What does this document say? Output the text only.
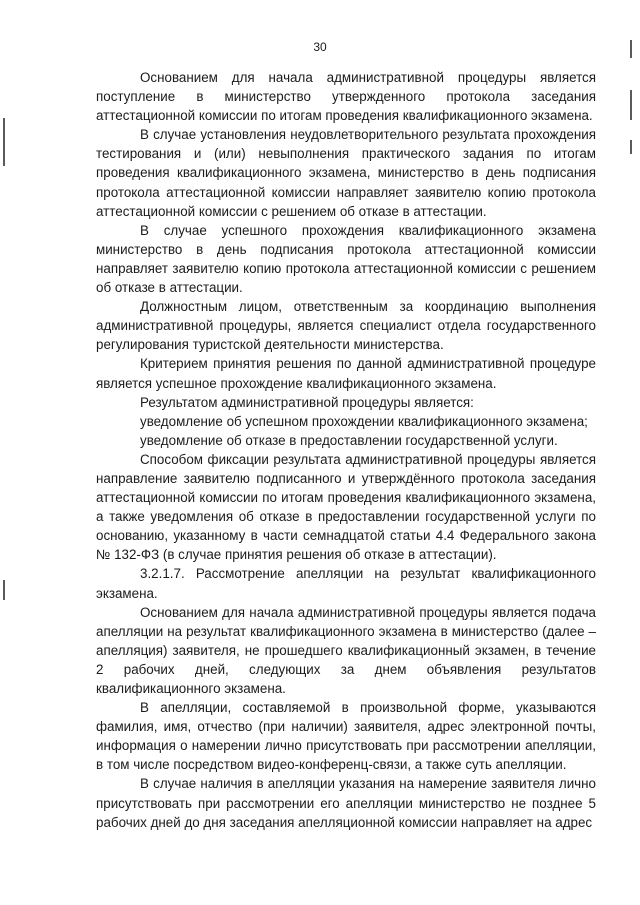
30

Основанием для начала административной процедуры является поступление в министерство утвержденного протокола заседания аттестационной комиссии по итогам проведения квалификационного экзамена.

В случае установления неудовлетворительного результата прохождения тестирования и (или) невыполнения практического задания по итогам проведения квалификационного экзамена, министерство в день подписания протокола аттестационной комиссии направляет заявителю копию протокола аттестационной комиссии с решением об отказе в аттестации.

В случае успешного прохождения квалификационного экзамена министерство в день подписания протокола аттестационной комиссии направляет заявителю копию протокола аттестационной комиссии с решением об отказе в аттестации.

Должностным лицом, ответственным за координацию выполнения административной процедуры, является специалист отдела государственного регулирования туристской деятельности министерства.

Критерием принятия решения по данной административной процедуре является успешное прохождение квалификационного экзамена.

Результатом административной процедуры является:

уведомление об успешном прохождении квалификационного экзамена;

уведомление об отказе в предоставлении государственной услуги.

Способом фиксации результата административной процедуры является направление заявителю подписанного и утверждённого протокола заседания аттестационной комиссии по итогам проведения квалификационного экзамена, а также уведомления об отказе в предоставлении государственной услуги по основанию, указанному в части семнадцатой статьи 4.4 Федерального закона № 132-ФЗ (в случае принятия решения об отказе в аттестации).

3.2.1.7. Рассмотрение апелляции на результат квалификационного экзамена.

Основанием для начала административной процедуры является подача апелляции на результат квалификационного экзамена в министерство (далее – апелляция) заявителя, не прошедшего квалификационный экзамен, в течение 2 рабочих дней, следующих за днем объявления результатов квалификационного экзамена.

В апелляции, составляемой в произвольной форме, указываются фамилия, имя, отчество (при наличии) заявителя, адрес электронной почты, информация о намерении лично присутствовать при рассмотрении апелляции, в том числе посредством видео-конференц-связи, а также суть апелляции.

В случае наличия в апелляции указания на намерение заявителя лично присутствовать при рассмотрении его апелляции министерство не позднее 5 рабочих дней до дня заседания апелляционной комиссии направляет на адрес
